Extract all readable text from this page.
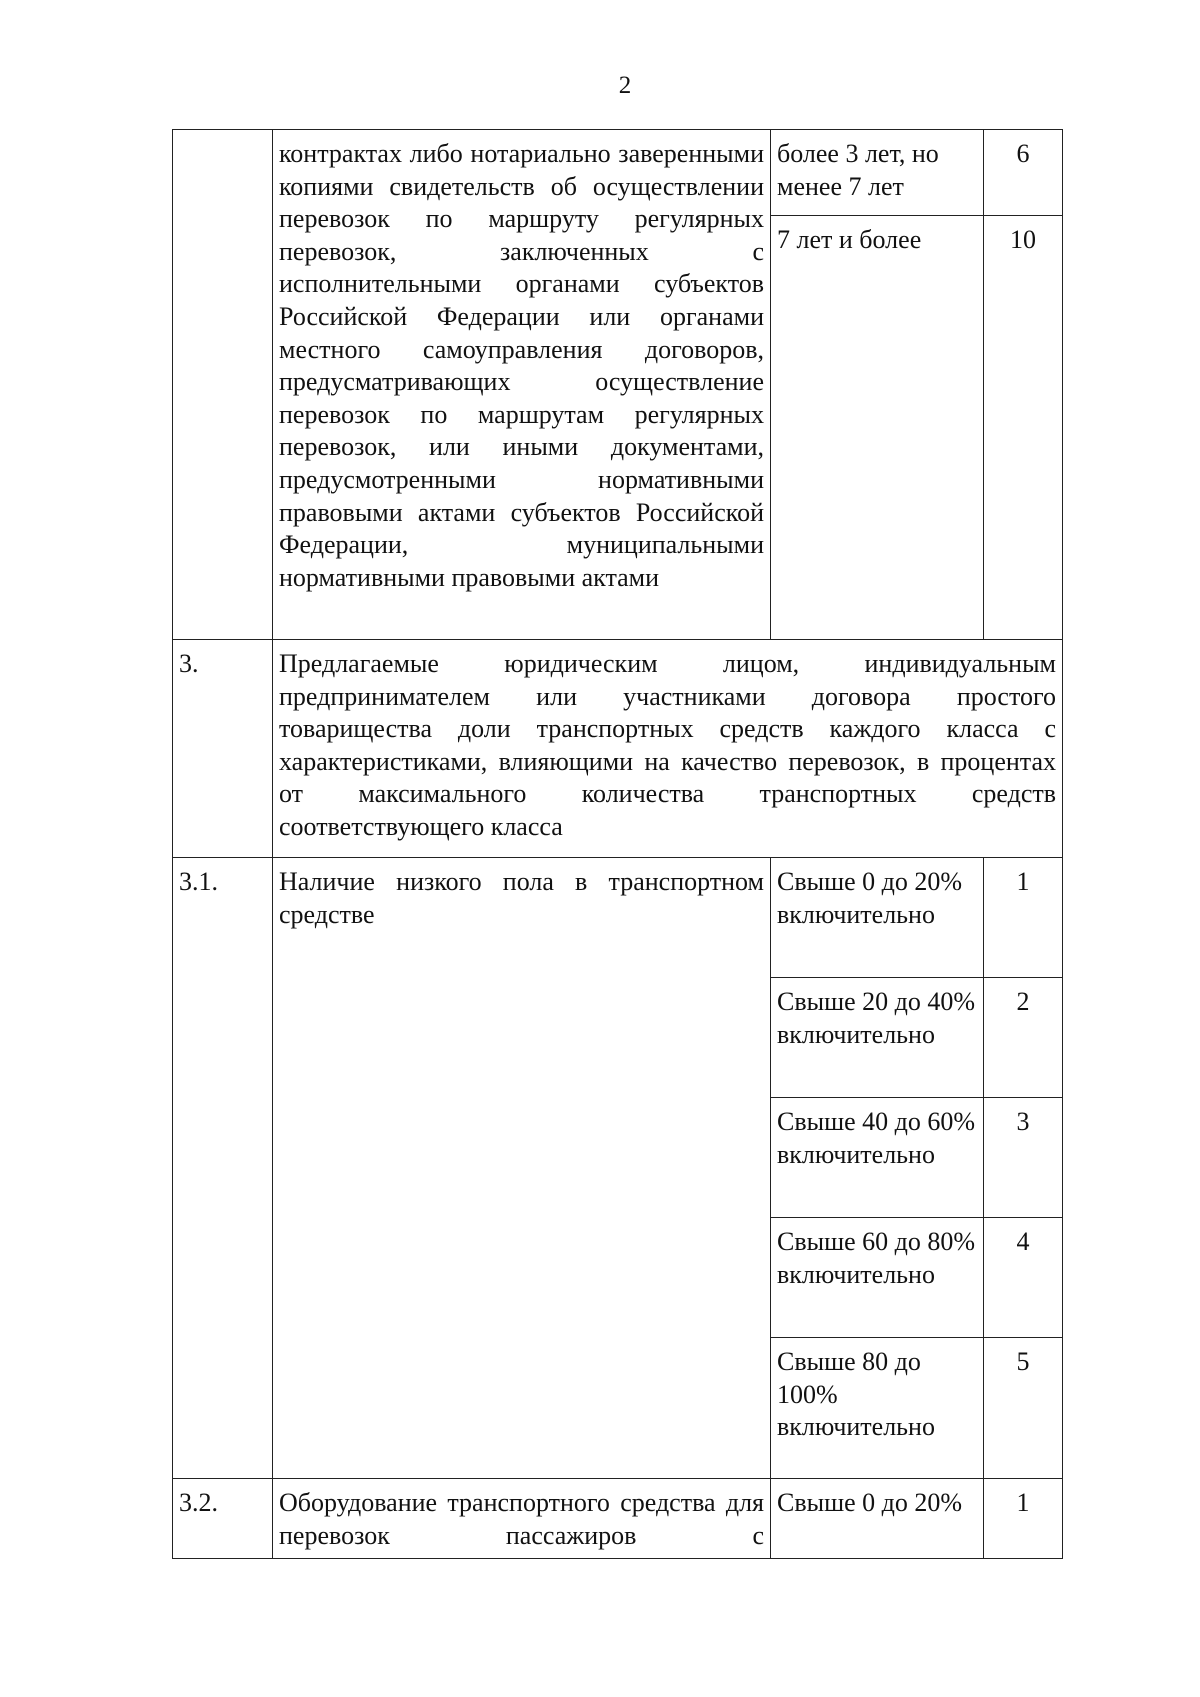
2
	контрактах либо нотариально заверенными копиями свидетельств об осуществлении перевозок по маршруту регулярных перевозок, заключенных с исполнительными органами субъектов Российской Федерации или органами местного самоуправления договоров, предусматривающих осуществление перевозок по маршрутам регулярных перевозок, или иными документами, предусмотренными нормативными правовыми актами субъектов Российской Федерации, муниципальными нормативными правовыми актами	более 3 лет, но менее 7 лет	6
		7 лет и более	10
3.	Предлагаемые юридическим лицом, индивидуальным предпринимателем или участниками договора простого товарищества доли транспортных средств каждого класса с характеристиками, влияющими на качество перевозок, в процентах от максимального количества транспортных средств соответствующего класса		
3.1.	Наличие низкого пола в транспортном средстве	Свыше 0 до 20% включительно	1
		Свыше 20 до 40% включительно	2
		Свыше 40 до 60% включительно	3
		Свыше 60 до 80% включительно	4
		Свыше 80 до 100% включительно	5
3.2.	Оборудование транспортного средства для перевозок пассажиров с	Свыше 0 до 20%	1
